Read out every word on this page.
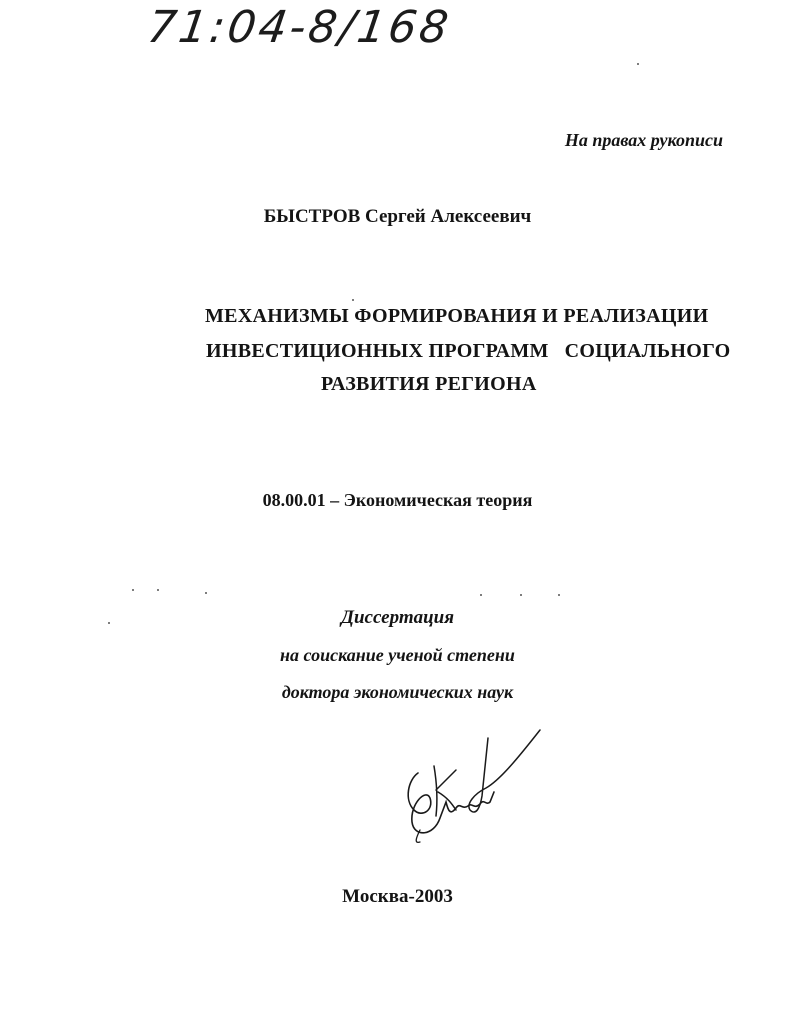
71:04-8/168
На правах рукописи
БЫСТРОВ Сергей Алексеевич
МЕХАНИЗМЫ ФОРМИРОВАНИЯ И РЕАЛИЗАЦИИ
ИНВЕСТИЦИОННЫХ ПРОГРАММ   СОЦИАЛЬНОГО
РАЗВИТИЯ РЕГИОНА
08.00.01 – Экономическая теория
Диссертация
на соискание ученой степени
доктора экономических наук
Москва-2003
